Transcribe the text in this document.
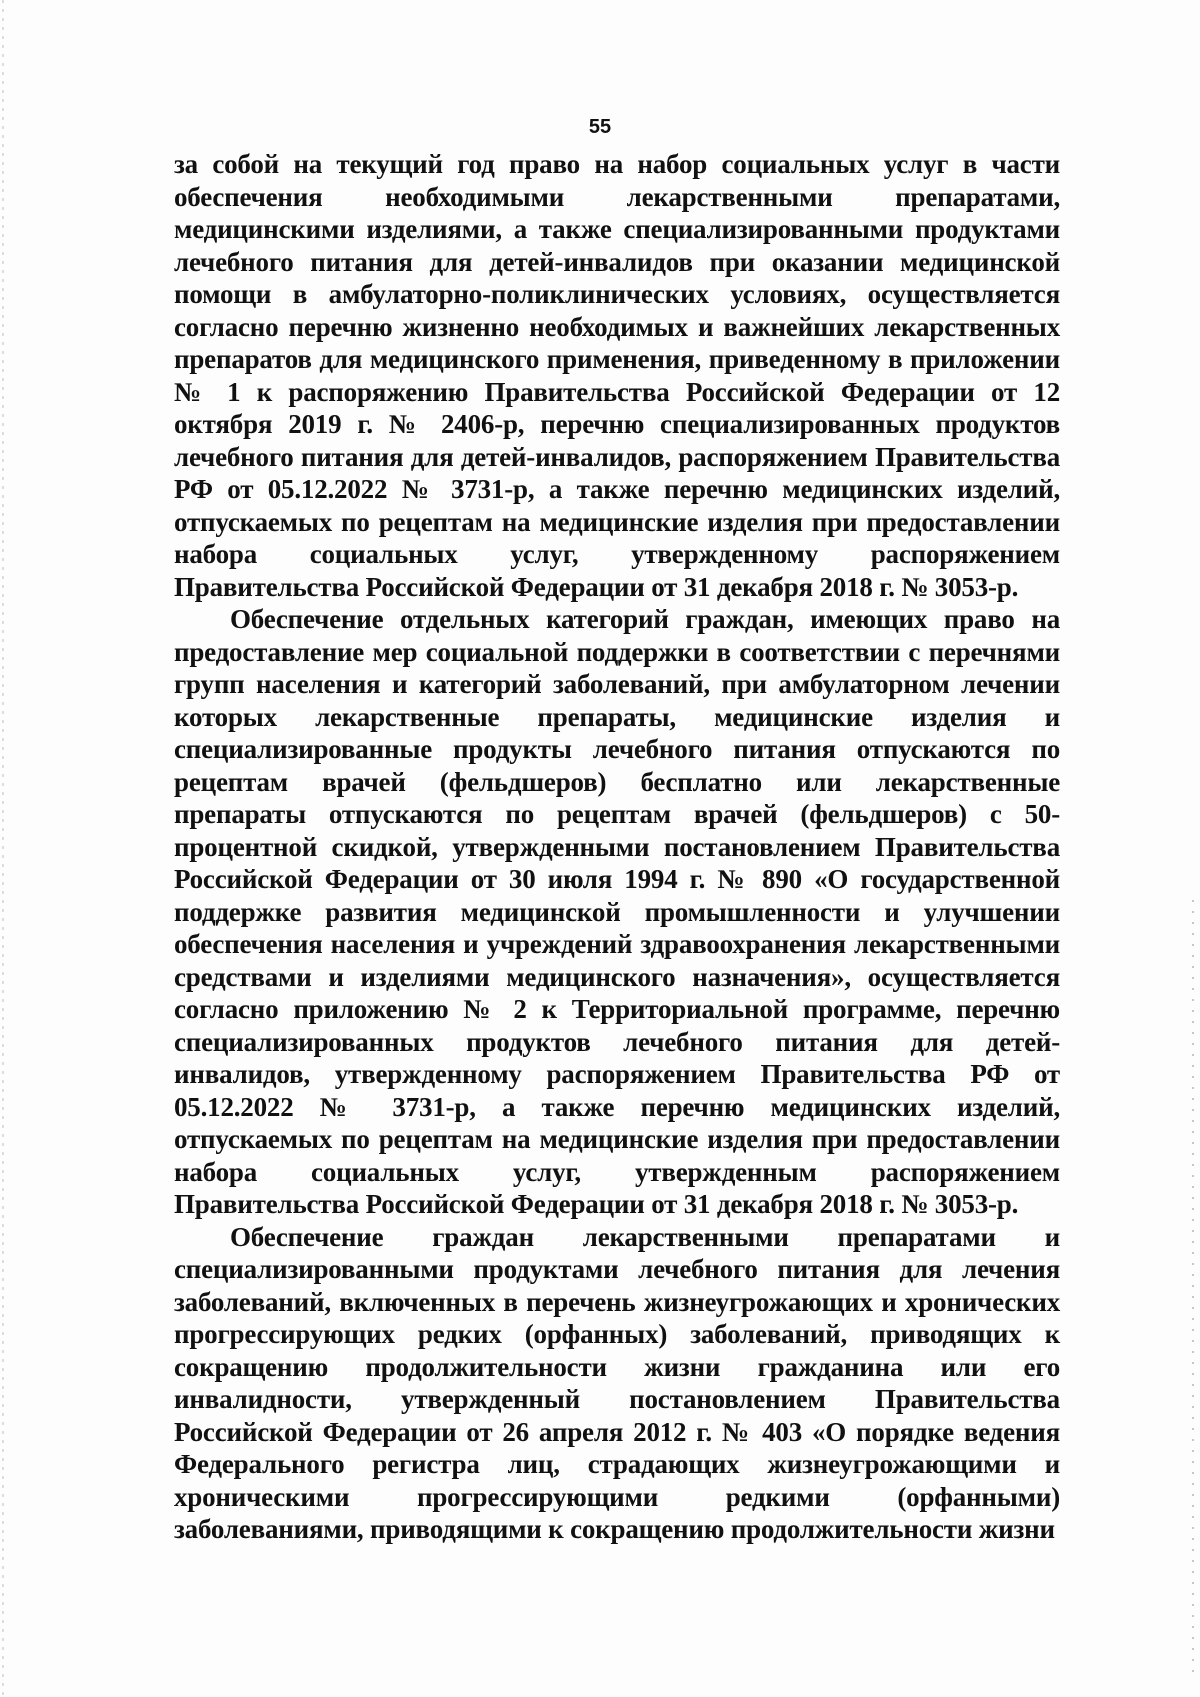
55

за собой на текущий год право на набор социальных услуг в части обеспечения необходимыми лекарственными препаратами, медицинскими изделиями, а также специализированными продуктами лечебного питания для детей-инвалидов при оказании медицинской помощи в амбулаторно-поликлинических условиях, осуществляется согласно перечню жизненно необходимых и важнейших лекарственных препаратов для медицинского применения, приведенному в приложении № 1 к распоряжению Правительства Российской Федерации от 12 октября 2019 г. № 2406-р, перечню специализированных продуктов лечебного питания для детей-инвалидов, распоряжением Правительства РФ от 05.12.2022 № 3731-р, а также перечню медицинских изделий, отпускаемых по рецептам на медицинские изделия при предоставлении набора социальных услуг, утвержденному распоряжением Правительства Российской Федерации от 31 декабря 2018 г. № 3053-р.

Обеспечение отдельных категорий граждан, имеющих право на предоставление мер социальной поддержки в соответствии с перечнями групп населения и категорий заболеваний, при амбулаторном лечении которых лекарственные препараты, медицинские изделия и специализированные продукты лечебного питания отпускаются по рецептам врачей (фельдшеров) бесплатно или лекарственные препараты отпускаются по рецептам врачей (фельдшеров) с 50-процентной скидкой, утвержденными постановлением Правительства Российской Федерации от 30 июля 1994 г. № 890 «О государственной поддержке развития медицинской промышленности и улучшении обеспечения населения и учреждений здравоохранения лекарственными средствами и изделиями медицинского назначения», осуществляется согласно приложению № 2 к Территориальной программе, перечню специализированных продуктов лечебного питания для детей-инвалидов, утвержденному распоряжением Правительства РФ от 05.12.2022 № 3731-р, а также перечню медицинских изделий, отпускаемых по рецептам на медицинские изделия при предоставлении набора социальных услуг, утвержденным распоряжением Правительства Российской Федерации от 31 декабря 2018 г. № 3053-р.

Обеспечение граждан лекарственными препаратами и специализированными продуктами лечебного питания для лечения заболеваний, включенных в перечень жизнеугрожающих и хронических прогрессирующих редких (орфанных) заболеваний, приводящих к сокращению продолжительности жизни гражданина или его инвалидности, утвержденный постановлением Правительства Российской Федерации от 26 апреля 2012 г. № 403 «О порядке ведения Федерального регистра лиц, страдающих жизнеугрожающими и хроническими прогрессирующими редкими (орфанными) заболеваниями, приводящими к сокращению продолжительности жизни
